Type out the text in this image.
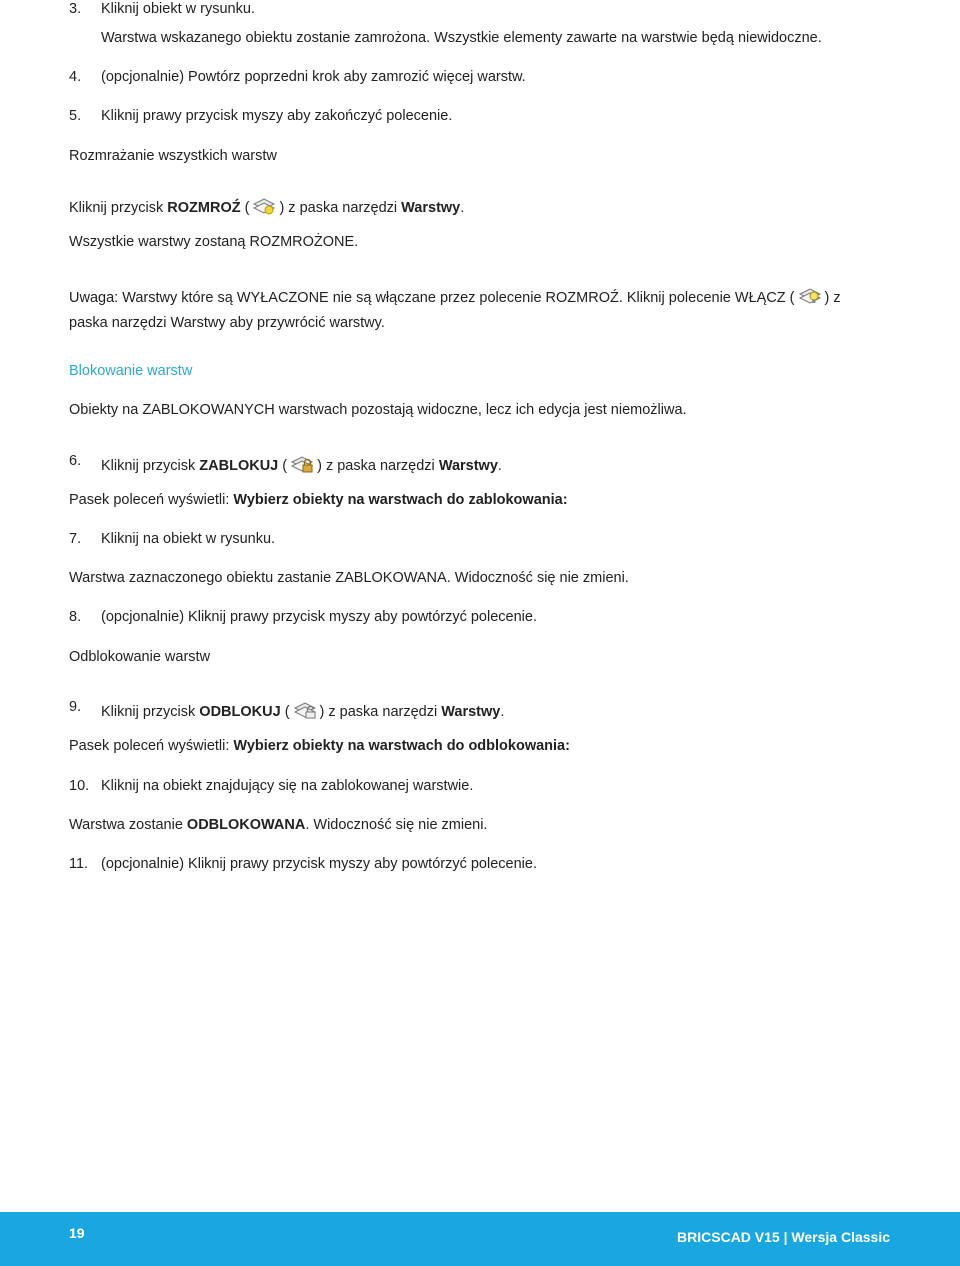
3. Kliknij obiekt w rysunku.
Warstwa wskazanego obiektu zostanie zamrożona. Wszystkie elementy zawarte na warstwie będą niewidoczne.
4. (opcjonalnie) Powtórz poprzedni krok aby zamrozić więcej warstw.
5. Kliknij prawy przycisk myszy aby zakończyć polecenie.
Rozmrażanie wszystkich warstw
Kliknij przycisk ROZMROŹ ( ) z paska narzędzi Warstwy.
Wszystkie warstwy zostaną ROZMROŻONE.
Uwaga: Warstwy które są WYŁACZONE nie są włączane przez polecenie ROZMROŹ. Kliknij polecenie WŁĄCZ ( ) z
paska narzędzi Warstwy aby przywrócić warstwy.
Blokowanie warstw
Obiekty na ZABLOKOWANYCH warstwach pozostają widoczne, lecz ich edycja jest niemożliwa.
6. Kliknij przycisk ZABLOKUJ ( ) z paska narzędzi Warstwy.
Pasek poleceń wyświetli: Wybierz obiekty na warstwach do zablokowania:
7. Kliknij na obiekt w rysunku.
Warstwa zaznaczonego obiektu zastanie ZABLOKOWANA. Widoczność się nie zmieni.
8. (opcjonalnie) Kliknij prawy przycisk myszy aby powtórzyć polecenie.
Odblokowanie warstw
9. Kliknij przycisk ODBLOKUJ ( ) z paska narzędzi Warstwy.
Pasek poleceń wyświetli: Wybierz obiekty na warstwach do odblokowania:
10. Kliknij na obiekt znajdujący się na zablokowanej warstwie.
Warstwa zostanie ODBLOKOWANA. Widoczność się nie zmieni.
11. (opcjonalnie) Kliknij prawy przycisk myszy aby powtórzyć polecenie.
19	BRICSCAD V15 | Wersja Classic
